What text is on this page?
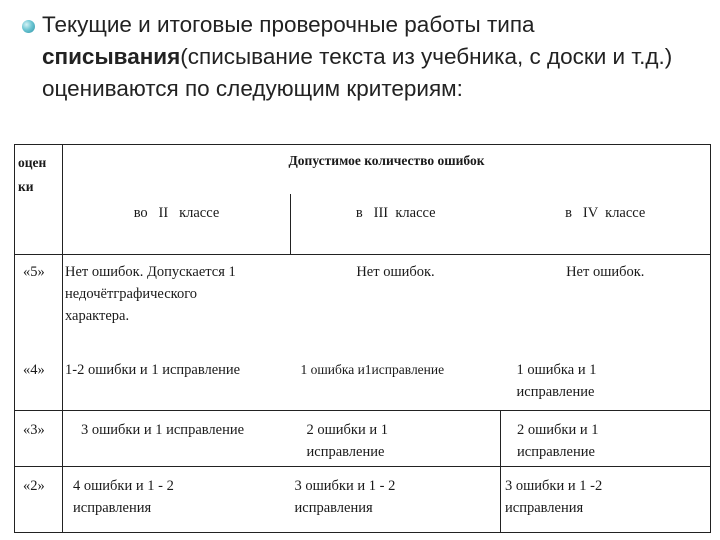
Текущие и итоговые проверочные работы типа списывания(списывание текста из учебника, с доски и т.д.) оцениваются по следующим критериям:
оцен ки	Допустимое количество ошибок		
	во   II   классе	в   III  классе	в   IV  классе
«5»	Нет ошибок. Допускается 1 недочётграфического характера.	Нет ошибок.	Нет ошибок.
«4»	1-2 ошибки и 1 исправление	1 ошибка и1исправление	1 ошибка и 1 исправление
«3»	3 ошибки и 1 исправление	2 ошибки и 1 исправление	2 ошибки и 1 исправление
«2»	4 ошибки и 1 - 2 исправления	3 ошибки и 1 - 2 исправления	3 ошибки и 1 -2 исправления
